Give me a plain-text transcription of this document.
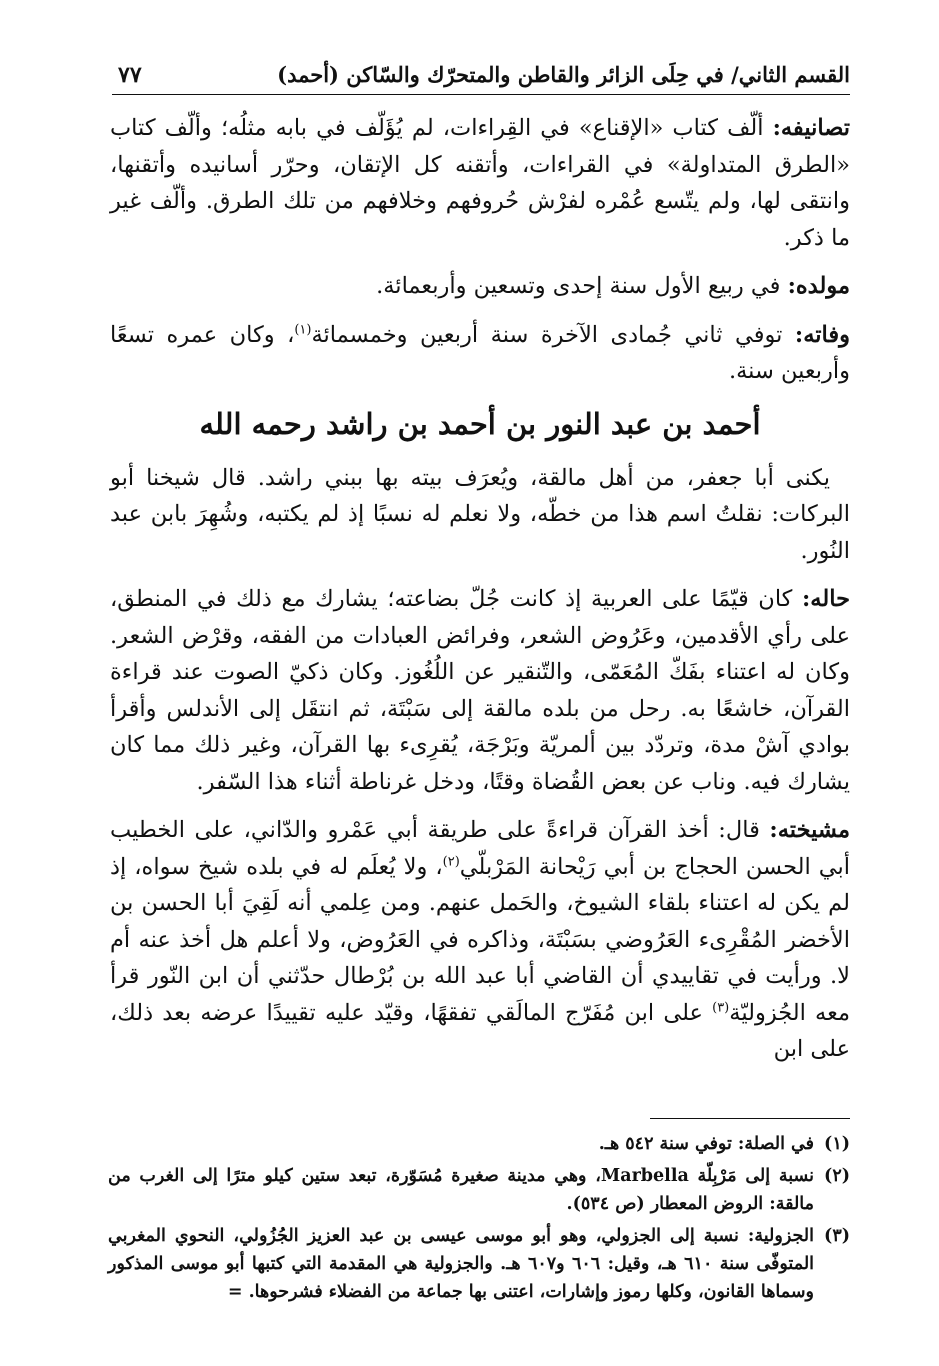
القسم الثاني/ في حِلَى الزائر والقاطن والمتحرّك والسّاكن (أحمد)
٧٧

تصانيفه: ألّف كتاب «الإقناع» في القِراءات، لم يُؤَلّف في بابه مثلُه؛ وألّف كتاب «الطرق المتداولة» في القراءات، وأتقنه كل الإتقان، وحرّر أسانيده وأتقنها، وانتقى لها، ولم يتّسع عُمْره لفرْش حُروفهم وخلافهم من تلك الطرق. وألّف غير ما ذكر.

مولده: في ربيع الأول سنة إحدى وتسعين وأربعمائة.

وفاته: توفي ثاني جُمادى الآخرة سنة أربعين وخمسمائة$^{(١)}$، وكان عمره تسعًا وأربعين سنة.

أحمد بن عبد النور بن أحمد بن راشد رحمه الله

يكنى أبا جعفر، من أهل مالقة، ويُعرَف بيته بها ببني راشد. قال شيخنا أبو البركات: نقلتُ اسم هذا من خطّه، ولا نعلم له نسبًا إذ لم يكتبه، وشُهِرَ بابن عبد النُور.

حاله: كان قيّمًا على العربية إذ كانت جُلّ بضاعته؛ يشارك مع ذلك في المنطق، على رأي الأقدمين، وعَرُوض الشعر، وفرائض العبادات من الفقه، وقرْض الشعر. وكان له اعتناء بفَكّ المُعَمّى، والتّنقير عن اللُغُوز. وكان ذكيّ الصوت عند قراءة القرآن، خاشعًا به. رحل من بلده مالقة إلى سَبْتَة، ثم انتقَل إلى الأندلس وأقرأ بوادي آشْ مدة، وتردّد بين ألمريّة وبَرْجَة، يُقرِىء بها القرآن، وغير ذلك مما كان يشارك فيه. وناب عن بعض القُضاة وقتًا، ودخل غرناطة أثناء هذا السّفر.

مشيخته: قال: أخذ القرآن قراءةً على طريقة أبي عَمْرو والدّاني، على الخطيب أبي الحسن الحجاج بن أبي رَيْحانة المَرْبلّي$^{(٢)}$، ولا يُعلَم له في بلده شيخ سواه، إذ لم يكن له اعتناء بلقاء الشيوخ، والحَمل عنهم. ومن عِلمي أنه لَقِيَ أبا الحسن بن الأخضر المُقْرِىء العَرُوضي بسَبْتَة، وذاكره في العَرُوض، ولا أعلم هل أخذ عنه أم لا. ورأيت في تقاييدي أن القاضي أبا عبد الله بن بُرْطال حدّثني أن ابن النّور قرأ معه الجُزوليّة$^{(٣)}$ على ابن مُفَرّج المالَقي تفقهًا، وقيّد عليه تقييدًا عرضه بعد ذلك، على ابن

(١)
في الصلة: توفي سنة ٥٤٢ هـ.
(٢)
نسبة إلى مَرْبِلّة Marbella، وهي مدينة صغيرة مُسَوّرة، تبعد ستين كيلو مترًا إلى الغرب من مالقة: الروض المعطار (ص ٥٣٤).
(٣)
الجزولية: نسبة إلى الجزولي، وهو أبو موسى عيسى بن عبد العزيز الجُزُولي، النحوي المغربي المتوفّى سنة ٦١٠ هـ، وقيل: ٦٠٦ و٦٠٧ هـ. والجزولية هي المقدمة التي كتبها أبو موسى المذكور وسماها القانون، وكلها رموز وإشارات، اعتنى بها جماعة من الفضلاء فشرحوها. =
